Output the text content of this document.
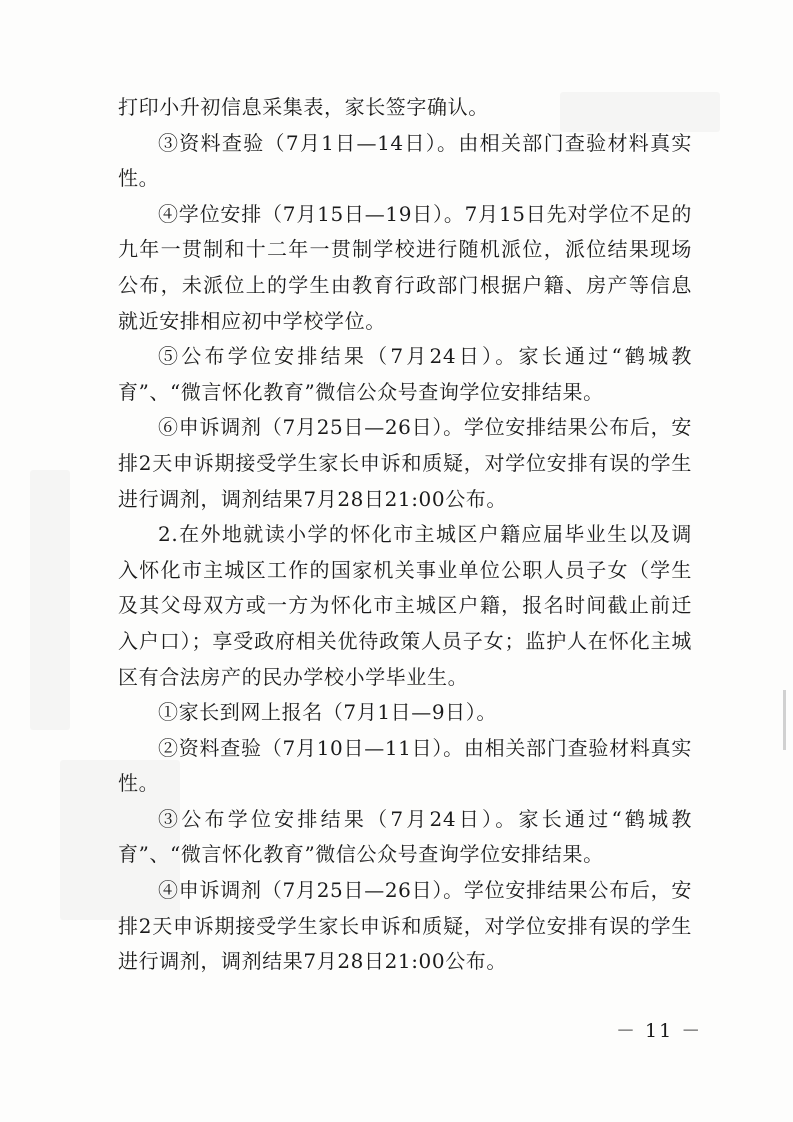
打印小升初信息采集表，家长签字确认。

③资料查验（7月1日—14日）。由相关部门查验材料真实性。

④学位安排（7月15日—19日）。7月15日先对学位不足的九年一贯制和十二年一贯制学校进行随机派位，派位结果现场公布，未派位上的学生由教育行政部门根据户籍、房产等信息就近安排相应初中学校学位。

⑤公布学位安排结果（7月24日）。家长通过“鹤城教育”、“微言怀化教育”微信公众号查询学位安排结果。

⑥申诉调剂（7月25日—26日）。学位安排结果公布后，安排2天申诉期接受学生家长申诉和质疑，对学位安排有误的学生进行调剂，调剂结果7月28日21:00公布。

2.在外地就读小学的怀化市主城区户籍应届毕业生以及调入怀化市主城区工作的国家机关事业单位公职人员子女（学生及其父母双方或一方为怀化市主城区户籍，报名时间截止前迁入户口）；享受政府相关优待政策人员子女；监护人在怀化主城区有合法房产的民办学校小学毕业生。

①家长到网上报名（7月1日—9日）。

②资料查验（7月10日—11日）。由相关部门查验材料真实性。

③公布学位安排结果（7月24日）。家长通过“鹤城教育”、“微言怀化教育”微信公众号查询学位安排结果。

④申诉调剂（7月25日—26日）。学位安排结果公布后，安排2天申诉期接受学生家长申诉和质疑，对学位安排有误的学生进行调剂，调剂结果7月28日21:00公布。

－ 11 －
